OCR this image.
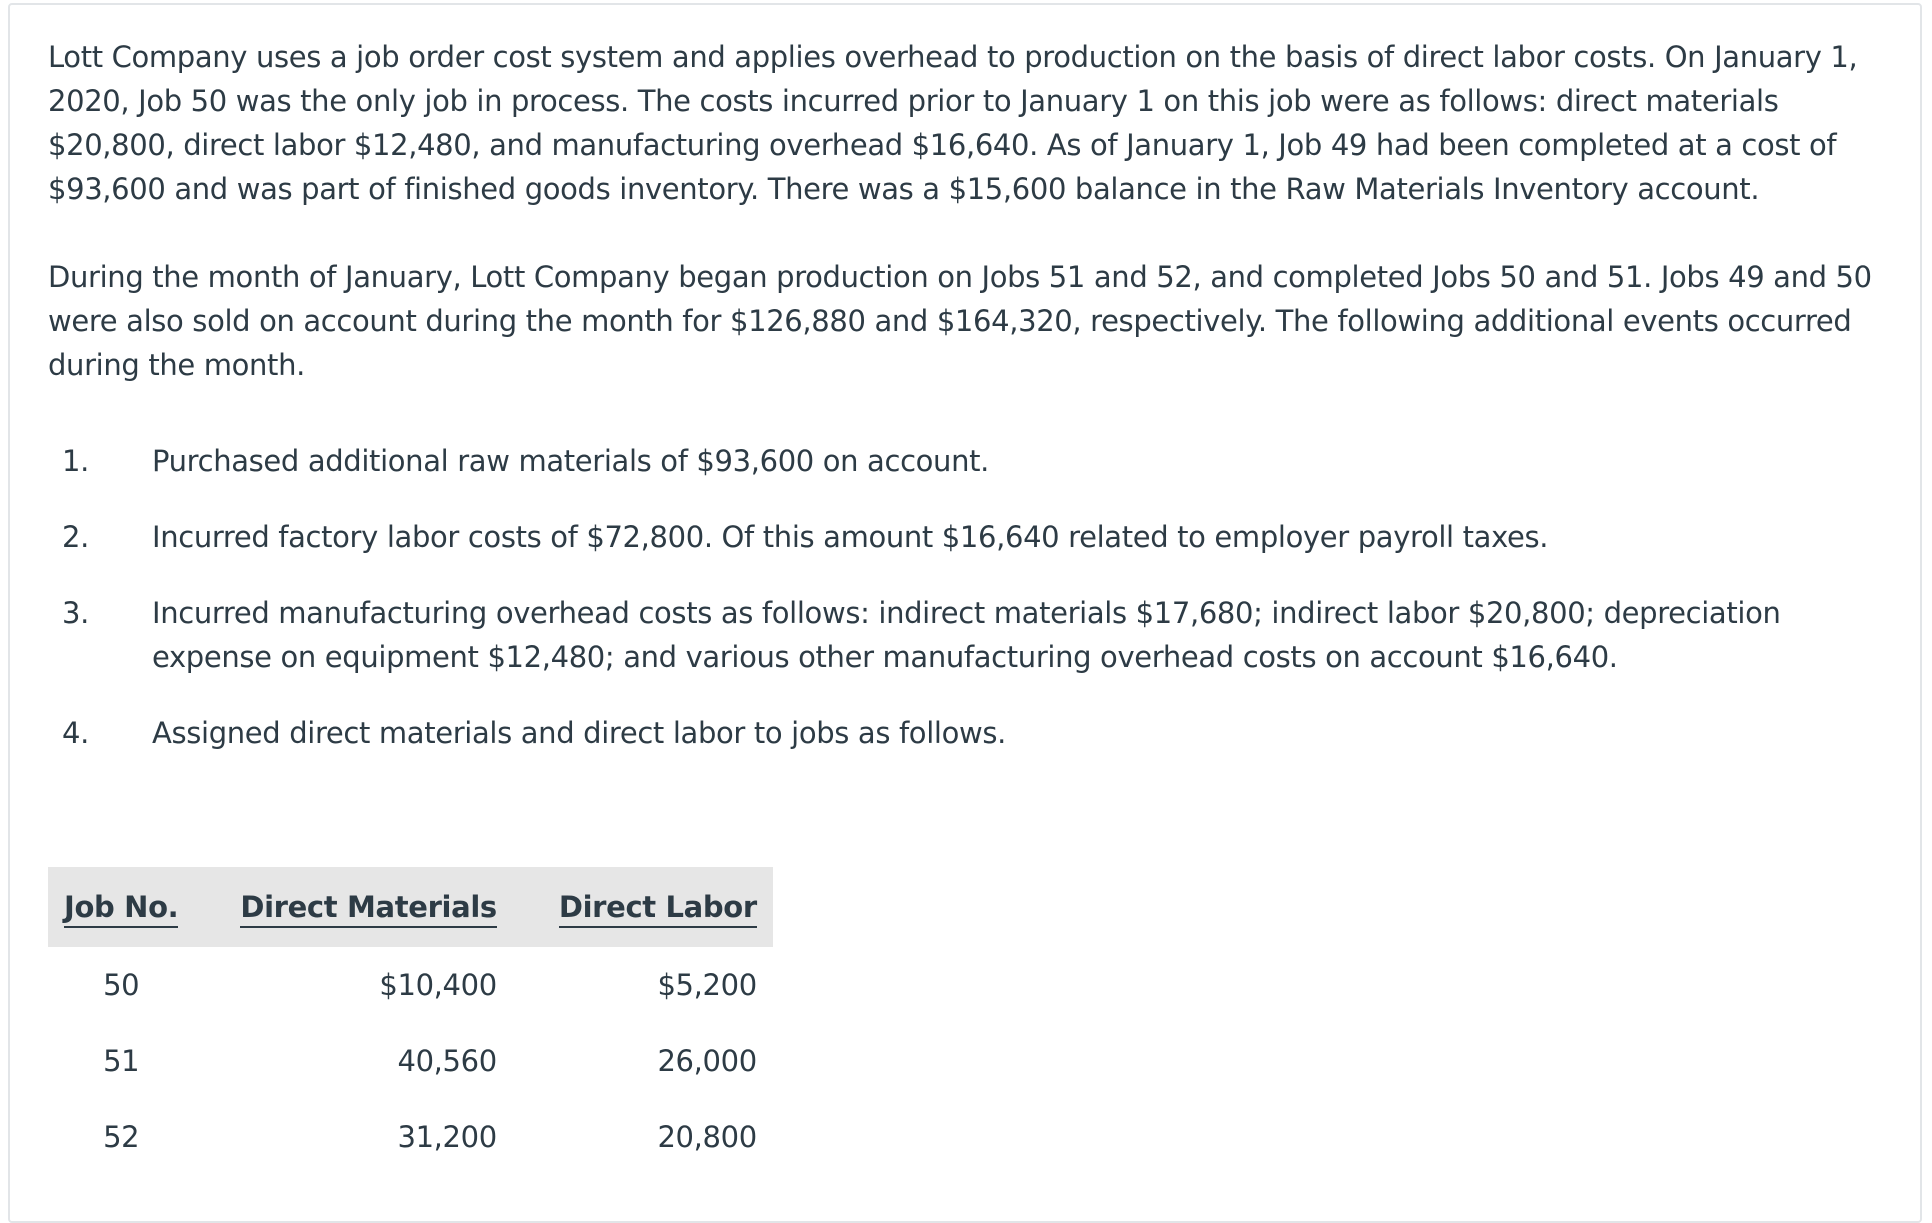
Lott Company uses a job order cost system and applies overhead to production on the basis of direct labor costs. On January 1, 2020, Job 50 was the only job in process. The costs incurred prior to January 1 on this job were as follows: direct materials $20,800, direct labor $12,480, and manufacturing overhead $16,640. As of January 1, Job 49 had been completed at a cost of $93,600 and was part of finished goods inventory. There was a $15,600 balance in the Raw Materials Inventory account.

During the month of January, Lott Company began production on Jobs 51 and 52, and completed Jobs 50 and 51. Jobs 49 and 50 were also sold on account during the month for $126,880 and $164,320, respectively. The following additional events occurred during the month.

1. Purchased additional raw materials of $93,600 on account.
2. Incurred factory labor costs of $72,800. Of this amount $16,640 related to employer payroll taxes.
3. Incurred manufacturing overhead costs as follows: indirect materials $17,680; indirect labor $20,800; depreciation expense on equipment $12,480; and various other manufacturing overhead costs on account $16,640.
4. Assigned direct materials and direct labor to jobs as follows.
Job No.	Direct Materials	Direct Labor
50	$10,400	$5,200
51	40,560	26,000
52	31,200	20,800
